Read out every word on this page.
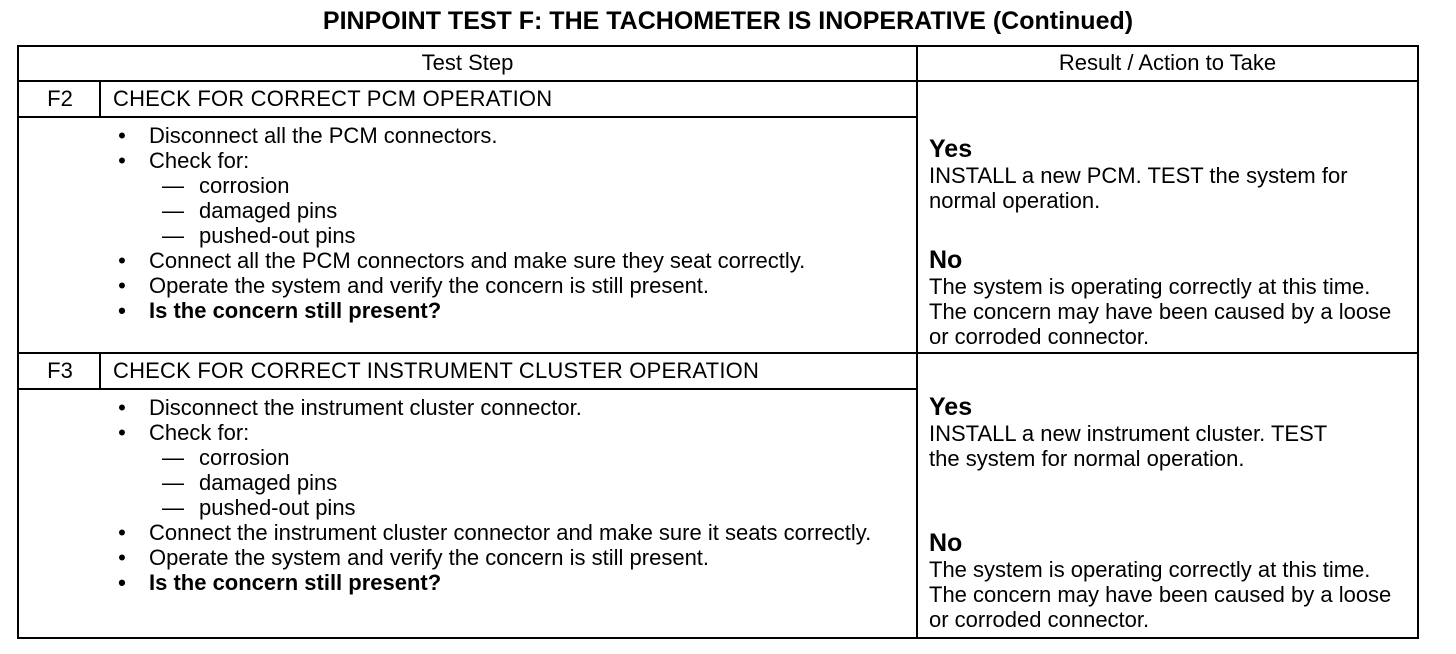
PINPOINT TEST F: THE TACHOMETER IS INOPERATIVE (Continued)
Test Step	Result / Action to Take
F2	CHECK FOR CORRECT PCM OPERATION
• Disconnect all the PCM connectors.
• Check for:
— corrosion
— damaged pins
— pushed-out pins
• Connect all the PCM connectors and make sure they seat correctly.
• Operate the system and verify the concern is still present.
• Is the concern still present?
Yes
INSTALL a new PCM. TEST the system for normal operation.
No
The system is operating correctly at this time. The concern may have been caused by a loose or corroded connector.
F3	CHECK FOR CORRECT INSTRUMENT CLUSTER OPERATION
• Disconnect the instrument cluster connector.
• Check for:
— corrosion
— damaged pins
— pushed-out pins
• Connect the instrument cluster connector and make sure it seats correctly.
• Operate the system and verify the concern is still present.
• Is the concern still present?
Yes
INSTALL a new instrument cluster. TEST the system for normal operation.
No
The system is operating correctly at this time. The concern may have been caused by a loose or corroded connector.
